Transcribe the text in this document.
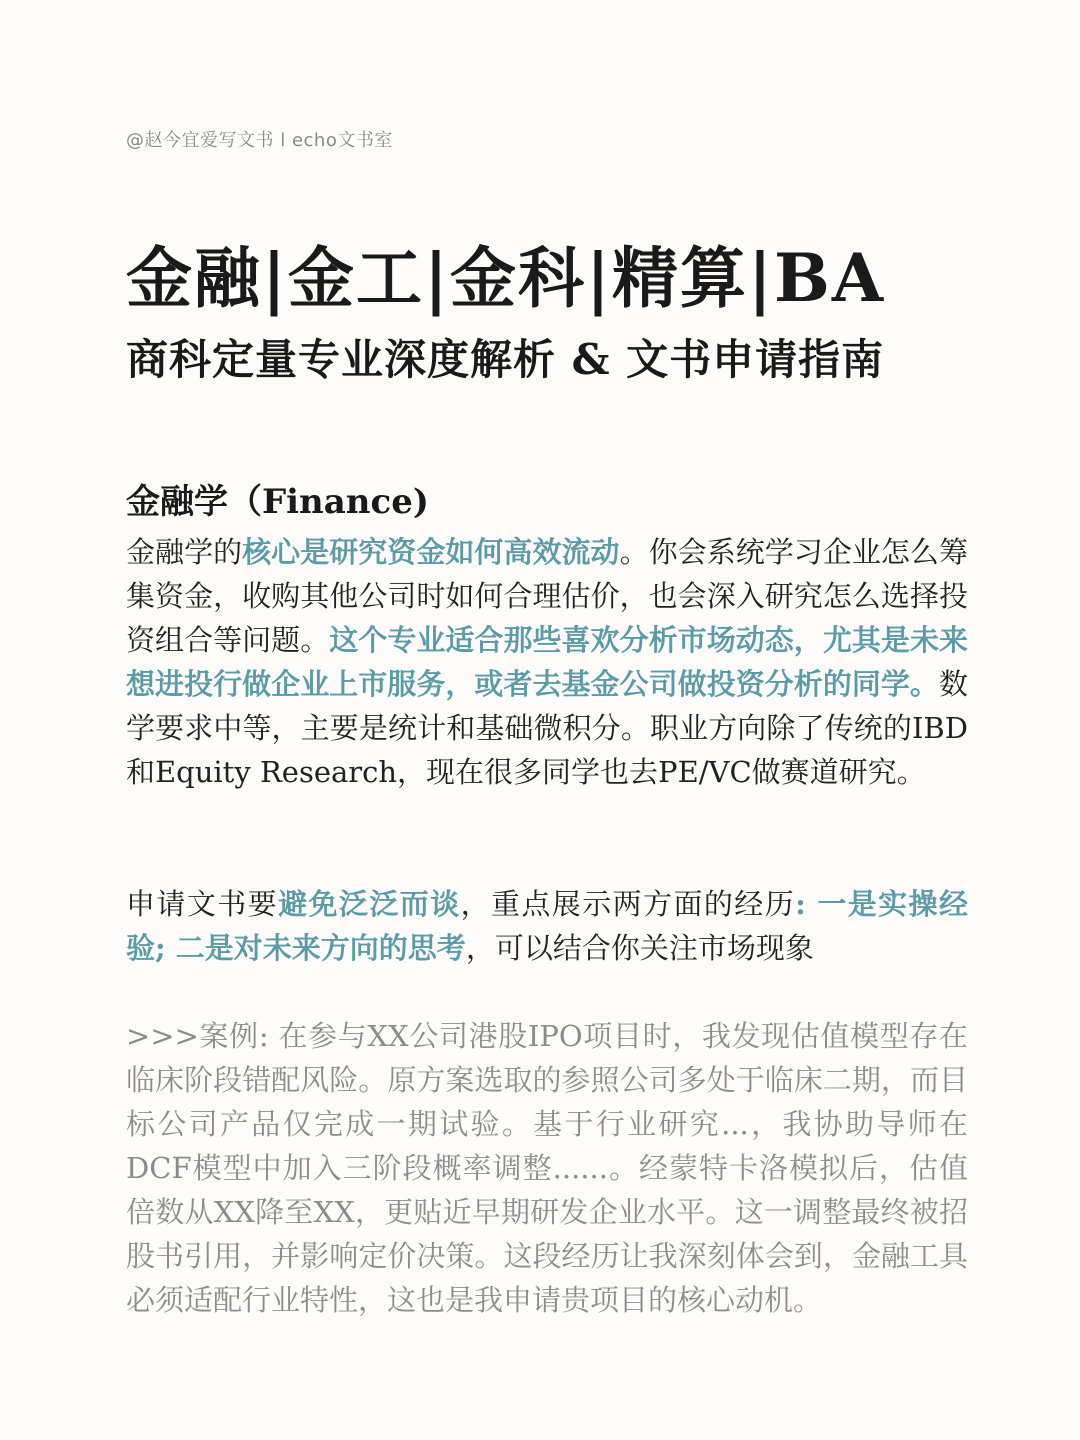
@赵今宜爱写文书 l echo文书室
金融|金工|金科|精算|BA
商科定量专业深度解析 & 文书申请指南
金融学（Finance)
金融学的核心是研究资金如何高效流动。你会系统学习企业怎么筹集资金，收购其他公司时如何合理估价，也会深入研究怎么选择投资组合等问题。这个专业适合那些喜欢分析市场动态，尤其是未来想进投行做企业上市服务，或者去基金公司做投资分析的同学。数学要求中等，主要是统计和基础微积分。职业方向除了传统的IBD和Equity Research，现在很多同学也去PE/VC做赛道研究。
申请文书要避免泛泛而谈，重点展示两方面的经历: 一是实操经验; 二是对未来方向的思考，可以结合你关注市场现象
>>>案例: 在参与XX公司港股IPO项目时，我发现估值模型存在临床阶段错配风险。原方案选取的参照公司多处于临床二期，而目标公司产品仅完成一期试验。基于行业研究...，我协助导师在DCF模型中加入三阶段概率调整......。经蒙特卡洛模拟后，估值倍数从XX降至XX，更贴近早期研发企业水平。这一调整最终被招股书引用，并影响定价决策。这段经历让我深刻体会到，金融工具必须适配行业特性，这也是我申请贵项目的核心动机。
